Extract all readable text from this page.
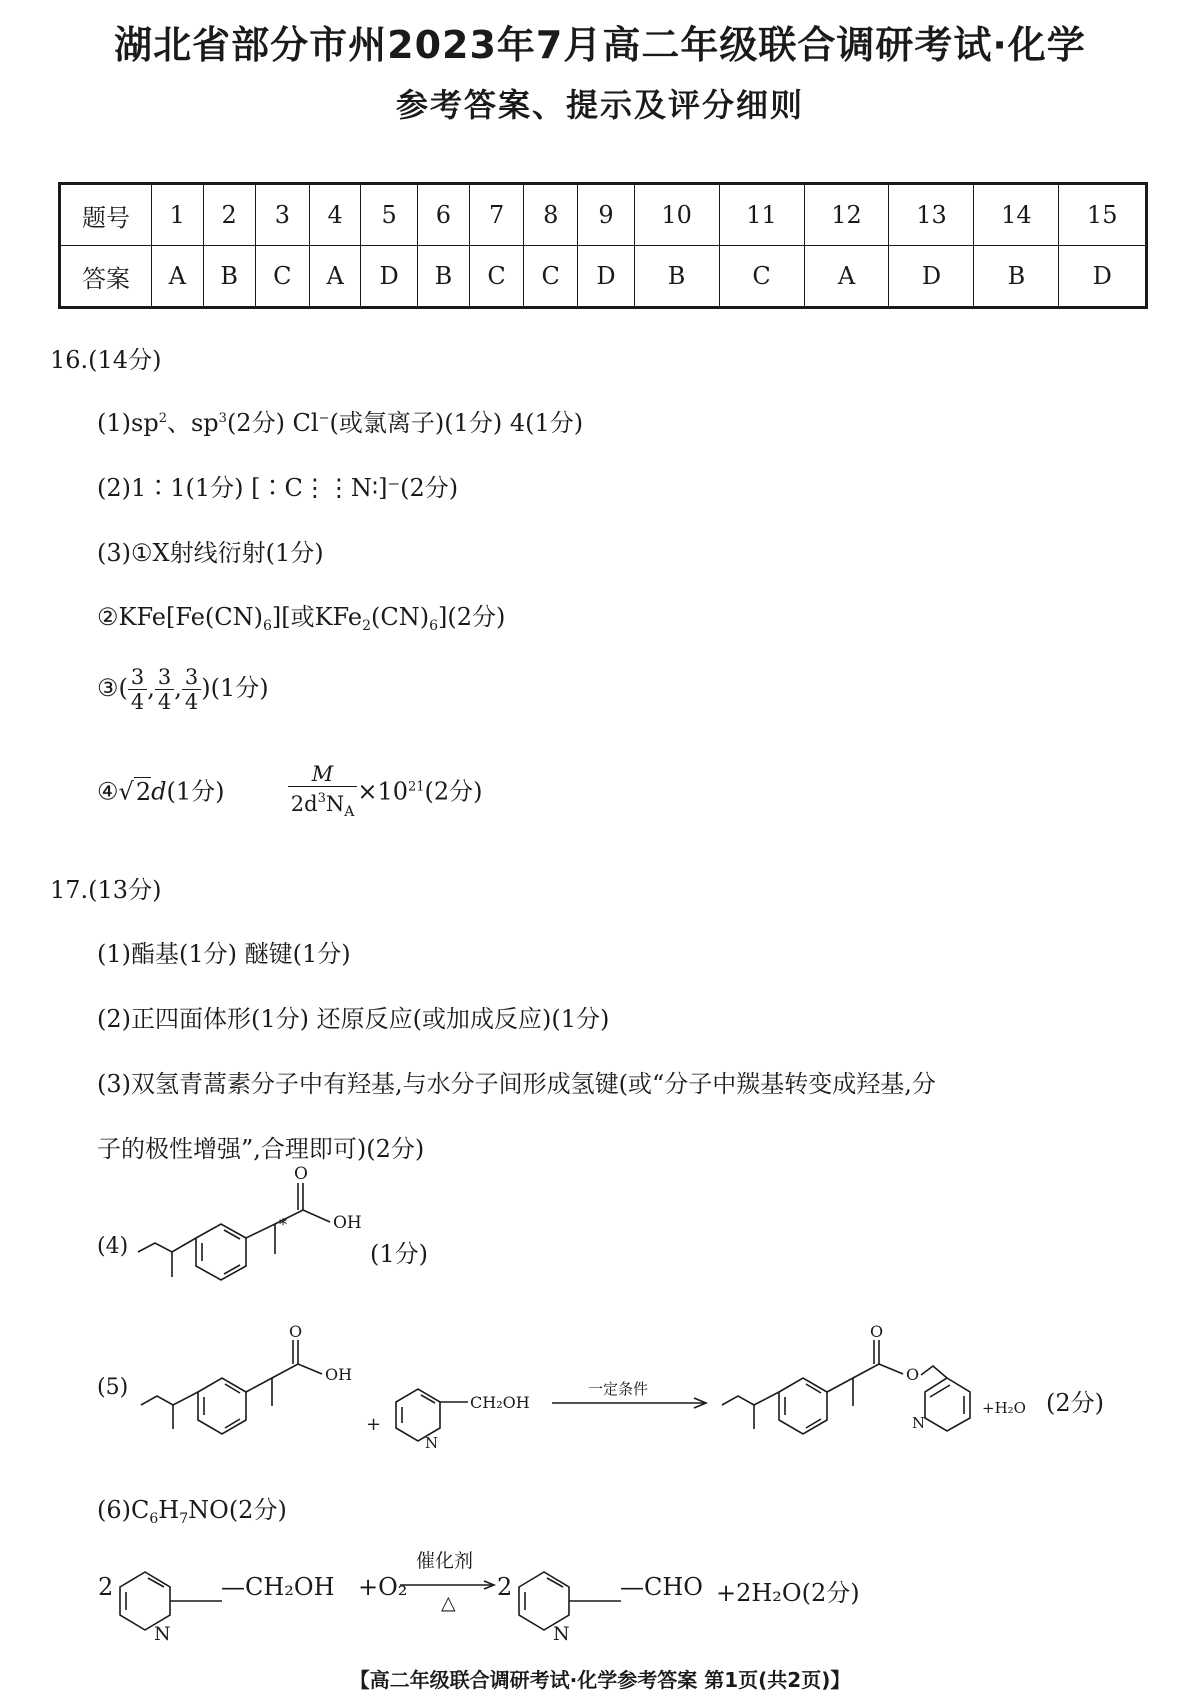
湖北省部分市州2023年7月高二年级联合调研考试·化学
参考答案、提示及评分细则
题号	1	2	3	4	5	6	7	8	9	10	11	12	13	14	15
答案	A	B	C	A	D	B	C	C	D	B	C	A	D	B	D
16.(14分)
$(1)sp^2$、$sp^3(2$分) Cl−(或氯离子)(1分) 4(1分)
(2)1∶1(1分) [∶C⋮⋮N∶]⁻(2分)
(3)①X射线衍射(1分)
$②KFe[Fe(CN)_6]$[或$KFe_2(CN)_6](2$分)
③( $\frac{3}{4}$ , $\frac{3}{4}$ , $\frac{3}{4} )(1$分)
④√2d(1分)	$\frac{M}{2d^3N_A} \times 10^{21}(2$分)
17.(13分)
(1)酯基(1分) 醚键(1分)
(2)正四面体形(1分) 还原反应(或加成反应)(1分)
(3)双氢青蒿素分子中有羟基,与水分子间形成氢键(或“分子中羰基转变成羟基,分
子的极性增强”,合理即可)(2分)
(4)
O
OH
*
(1分)
(5)
O
OH
+
N
CH₂OH
一定条件
O
O
N
+H₂O (2分)
$(6)C_6H_7NO(2$分)
2	—CH₂OH +O₂
催化剂
△
2	—CHO +2H₂O(2分)
N	N
【高二年级联合调研考试·化学参考答案 第1页(共2页)】
